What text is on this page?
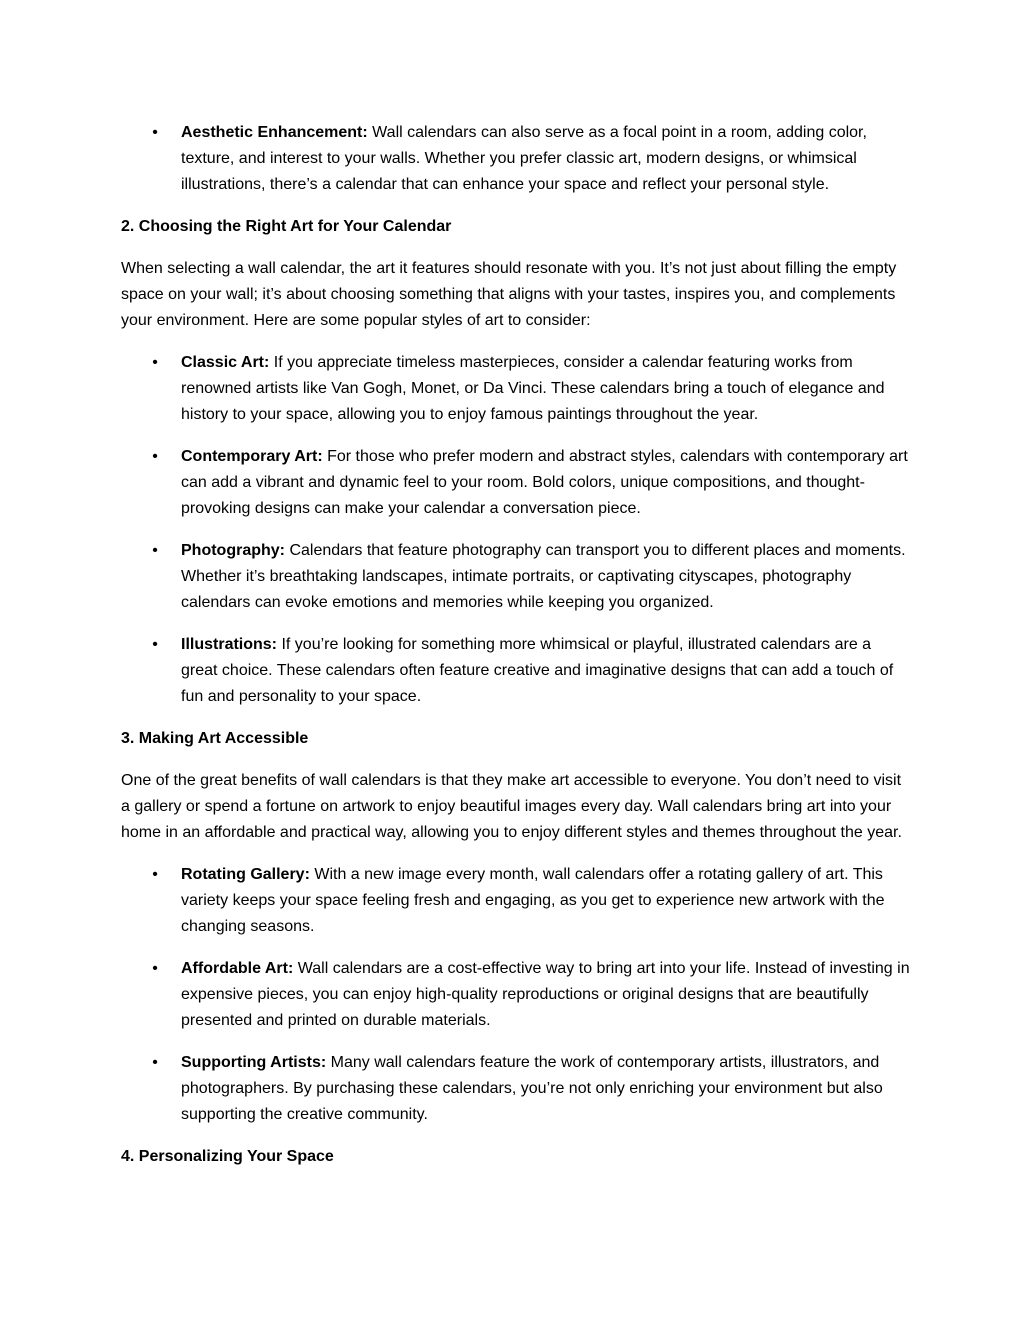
• Aesthetic Enhancement: Wall calendars can also serve as a focal point in a room, adding color, texture, and interest to your walls. Whether you prefer classic art, modern designs, or whimsical illustrations, there’s a calendar that can enhance your space and reflect your personal style.
2. Choosing the Right Art for Your Calendar

When selecting a wall calendar, the art it features should resonate with you. It’s not just about filling the empty space on your wall; it’s about choosing something that aligns with your tastes, inspires you, and complements your environment. Here are some popular styles of art to consider:

• Classic Art: If you appreciate timeless masterpieces, consider a calendar featuring works from renowned artists like Van Gogh, Monet, or Da Vinci. These calendars bring a touch of elegance and history to your space, allowing you to enjoy famous paintings throughout the year.
• Contemporary Art: For those who prefer modern and abstract styles, calendars with contemporary art can add a vibrant and dynamic feel to your room. Bold colors, unique compositions, and thought-provoking designs can make your calendar a conversation piece.
• Photography: Calendars that feature photography can transport you to different places and moments. Whether it’s breathtaking landscapes, intimate portraits, or captivating cityscapes, photography calendars can evoke emotions and memories while keeping you organized.
• Illustrations: If you’re looking for something more whimsical or playful, illustrated calendars are a great choice. These calendars often feature creative and imaginative designs that can add a touch of fun and personality to your space.
3. Making Art Accessible

One of the great benefits of wall calendars is that they make art accessible to everyone. You don’t need to visit a gallery or spend a fortune on artwork to enjoy beautiful images every day. Wall calendars bring art into your home in an affordable and practical way, allowing you to enjoy different styles and themes throughout the year.

• Rotating Gallery: With a new image every month, wall calendars offer a rotating gallery of art. This variety keeps your space feeling fresh and engaging, as you get to experience new artwork with the changing seasons.
• Affordable Art: Wall calendars are a cost-effective way to bring art into your life. Instead of investing in expensive pieces, you can enjoy high-quality reproductions or original designs that are beautifully presented and printed on durable materials.
• Supporting Artists: Many wall calendars feature the work of contemporary artists, illustrators, and photographers. By purchasing these calendars, you’re not only enriching your environment but also supporting the creative community.
4. Personalizing Your Space
